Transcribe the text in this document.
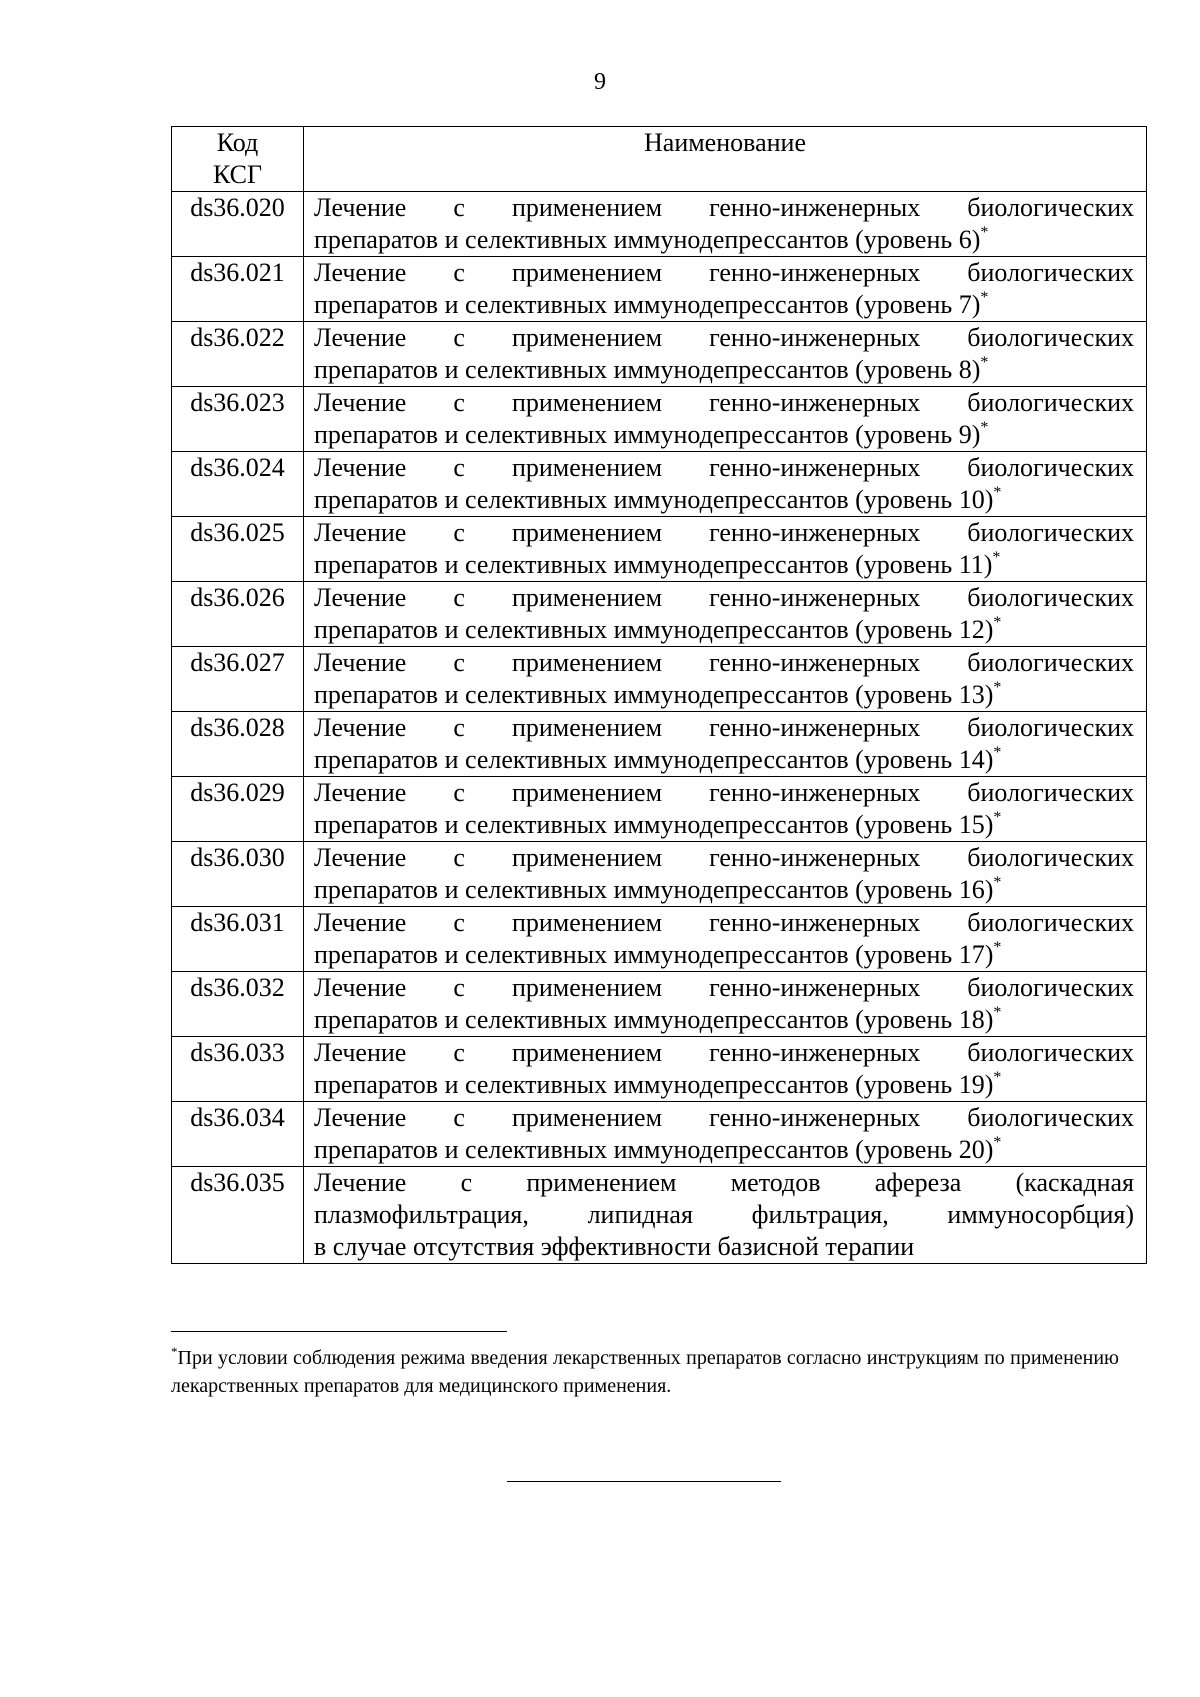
9
Код
КСГ	Наименование
ds36.020	Лечение с применением генно-инженерных биологических
препаратов и селективных иммунодепрессантов (уровень 6)*

ds36.021	Лечение с применением генно-инженерных биологических
препаратов и селективных иммунодепрессантов (уровень 7)*

ds36.022	Лечение с применением генно-инженерных биологических
препаратов и селективных иммунодепрессантов (уровень 8)*

ds36.023	Лечение с применением генно-инженерных биологических
препаратов и селективных иммунодепрессантов (уровень 9)*

ds36.024	Лечение с применением генно-инженерных биологических
препаратов и селективных иммунодепрессантов (уровень 10)*

ds36.025	Лечение с применением генно-инженерных биологических
препаратов и селективных иммунодепрессантов (уровень 11)*

ds36.026	Лечение с применением генно-инженерных биологических
препаратов и селективных иммунодепрессантов (уровень 12)*

ds36.027	Лечение с применением генно-инженерных биологических
препаратов и селективных иммунодепрессантов (уровень 13)*

ds36.028	Лечение с применением генно-инженерных биологических
препаратов и селективных иммунодепрессантов (уровень 14)*

ds36.029	Лечение с применением генно-инженерных биологических
препаратов и селективных иммунодепрессантов (уровень 15)*

ds36.030	Лечение с применением генно-инженерных биологических
препаратов и селективных иммунодепрессантов (уровень 16)*

ds36.031	Лечение с применением генно-инженерных биологических
препаратов и селективных иммунодепрессантов (уровень 17)*

ds36.032	Лечение с применением генно-инженерных биологических
препаратов и селективных иммунодепрессантов (уровень 18)*

ds36.033	Лечение с применением генно-инженерных биологических
препаратов и селективных иммунодепрессантов (уровень 19)*

ds36.034	Лечение с применением генно-инженерных биологических
препаратов и селективных иммунодепрессантов (уровень 20)*

ds36.035	Лечение с применением методов афереза (каскадная
плазмофильтрация, липидная фильтрация, иммуносорбция)
в случае отсутствия эффективности базисной терапии
*При условии соблюдения режима введения лекарственных препаратов согласно инструкциям по применению лекарственных препаратов для медицинского применения.
